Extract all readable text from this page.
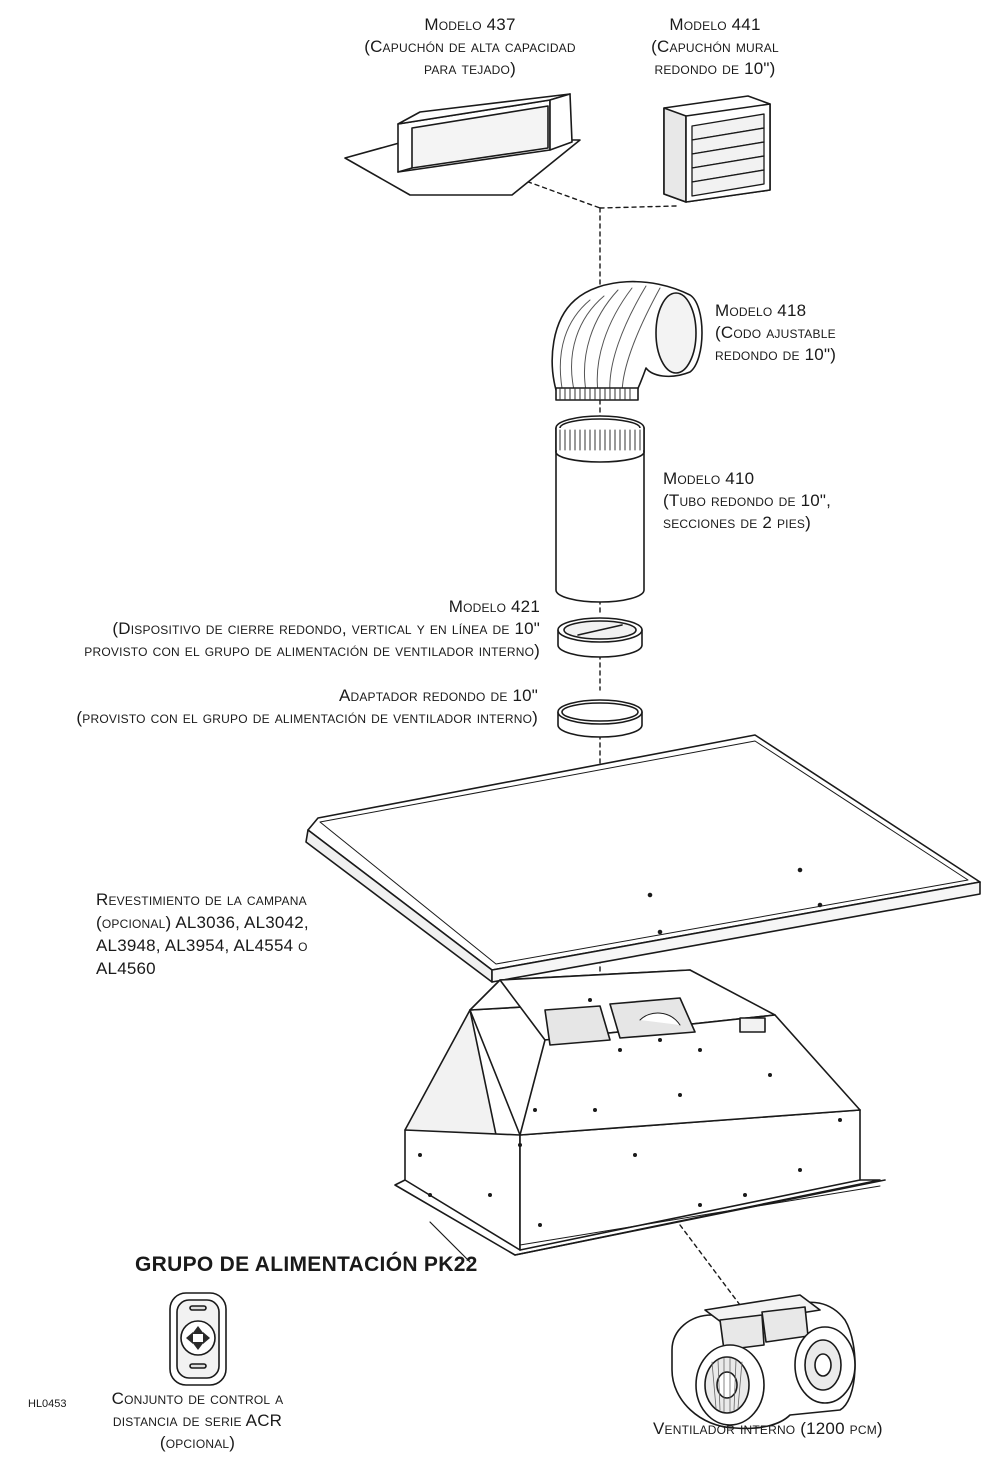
Modelo 437
(Capuchón de alta capacidad
para tejado)
Modelo 441
(Capuchón mural
redondo de 10")
Modelo 418
(Codo ajustable
redondo de 10")
Modelo 410
(Tubo redondo de 10",
secciones de 2 pies)
Modelo 421
(Dispositivo de cierre redondo, vertical y en línea de 10"
provisto con el grupo de alimentación de ventilador interno)
Adaptador redondo de 10"
(provisto con el grupo de alimentación de ventilador interno)
Revestimiento de la campana
(opcional) AL3036, AL3042,
AL3948, AL3954, AL4554 o
AL4560
GRUPO DE ALIMENTACIÓN PK22
Conjunto de control a
distancia de serie ACR
(opcional)
Ventilador interno (1200 pcm)
HL0453
